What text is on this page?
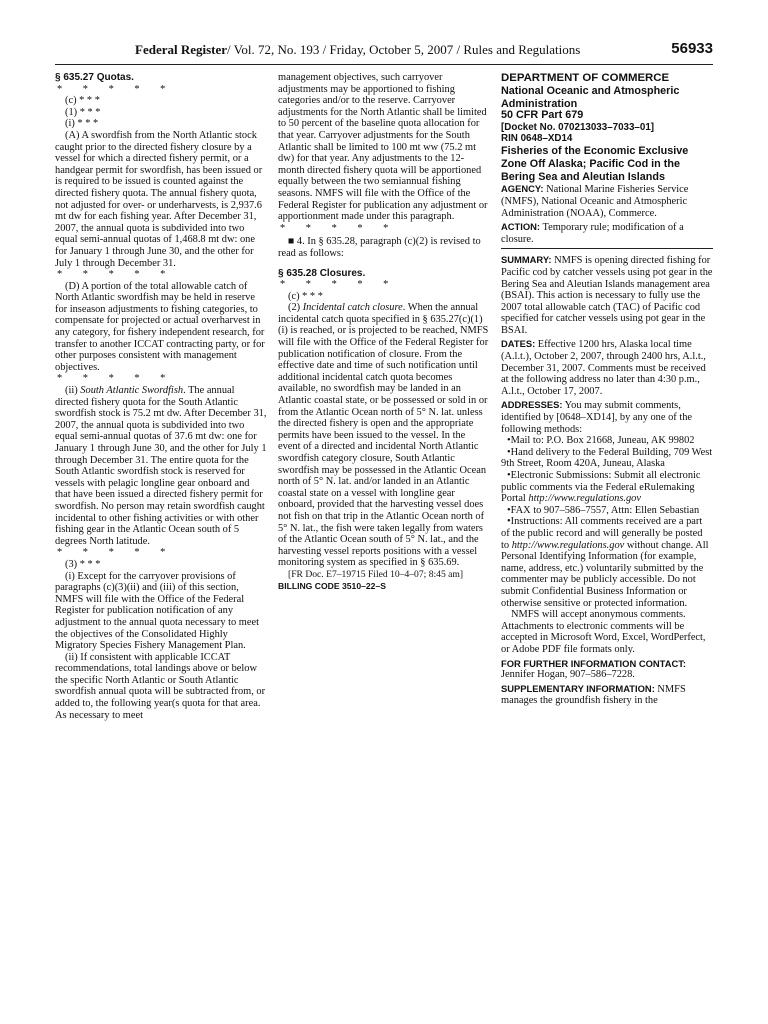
Federal Register/ Vol. 72, No. 193 / Friday, October 5, 2007 / Rules and Regulations	56933

§ 635.27 Quotas.

* * * * *

(c) * * *

(1) * * *

(i) * * *

(A) A swordfish from the North Atlantic stock caught prior to the directed fishery closure by a vessel for which a directed fishery permit, or a handgear permit for swordfish, has been issued or is required to be issued is counted against the directed fishery quota. The annual fishery quota, not adjusted for over- or underharvests, is 2,937.6 mt dw for each fishing year. After December 31, 2007, the annual quota is subdivided into two equal semi-annual quotas of 1,468.8 mt dw: one for January 1 through June 30, and the other for July 1 through December 31.

* * * * *

(D) A portion of the total allowable catch of North Atlantic swordfish may be held in reserve for inseason adjustments to fishing categories, to compensate for projected or actual overharvest in any category, for fishery independent research, for transfer to another ICCAT contracting party, or for other purposes consistent with management objectives.

* * * * *

(ii) South Atlantic Swordfish. The annual directed fishery quota for the South Atlantic swordfish stock is 75.2 mt dw. After December 31, 2007, the annual quota is subdivided into two equal semi-annual quotas of 37.6 mt dw: one for January 1 through June 30, and the other for July 1 through December 31. The entire quota for the South Atlantic swordfish stock is reserved for vessels with pelagic longline gear onboard and that have been issued a directed fishery permit for swordfish. No person may retain swordfish caught incidental to other fishing activities or with other fishing gear in the Atlantic Ocean south of 5 degrees North latitude.

* * * * *

(3) * * *

(i) Except for the carryover provisions of paragraphs (c)(3)(ii) and (iii) of this section, NMFS will file with the Office of the Federal Register for publication notification of any adjustment to the annual quota necessary to meet the objectives of the Consolidated Highly Migratory Species Fishery Management Plan.

(ii) If consistent with applicable ICCAT recommendations, total landings above or below the specific North Atlantic or South Atlantic swordfish annual quota will be subtracted from, or added to, the following year(s quota for that area. As necessary to meet

management objectives, such carryover adjustments may be apportioned to fishing categories and/or to the reserve. Carryover adjustments for the North Atlantic shall be limited to 50 percent of the baseline quota allocation for that year. Carryover adjustments for the South Atlantic shall be limited to 100 mt ww (75.2 mt dw) for that year. Any adjustments to the 12-month directed fishery quota will be apportioned equally between the two semiannual fishing seasons. NMFS will file with the Office of the Federal Register for publication any adjustment or apportionment made under this paragraph.

* * * * *

■ 4. In § 635.28, paragraph (c)(2) is revised to read as follows:

§ 635.28 Closures.

* * * * *

(c) * * *

(2) Incidental catch closure. When the annual incidental catch quota specified in § 635.27(c)(1)(i) is reached, or is projected to be reached, NMFS will file with the Office of the Federal Register for publication notification of closure. From the effective date and time of such notification until additional incidental catch quota becomes available, no swordfish may be landed in an Atlantic coastal state, or be possessed or sold in or from the Atlantic Ocean north of 5° N. lat. unless the directed fishery is open and the appropriate permits have been issued to the vessel. In the event of a directed and incidental North Atlantic swordfish category closure, South Atlantic swordfish may be possessed in the Atlantic Ocean north of 5° N. lat. and/or landed in an Atlantic coastal state on a vessel with longline gear onboard, provided that the harvesting vessel does not fish on that trip in the Atlantic Ocean north of 5° N. lat., the fish were taken legally from waters of the Atlantic Ocean south of 5° N. lat., and the harvesting vessel reports positions with a vessel monitoring system as specified in § 635.69.

[FR Doc. E7–19715 Filed 10–4–07; 8:45 am]

BILLING CODE 3510–22–S

DEPARTMENT OF COMMERCE

National Oceanic and Atmospheric Administration

50 CFR Part 679

[Docket No. 070213033–7033–01]

RIN 0648–XD14

Fisheries of the Economic Exclusive Zone Off Alaska; Pacific Cod in the Bering Sea and Aleutian Islands

AGENCY: National Marine Fisheries Service (NMFS), National Oceanic and Atmospheric Administration (NOAA), Commerce.

ACTION: Temporary rule; modification of a closure.

SUMMARY: NMFS is opening directed fishing for Pacific cod by catcher vessels using pot gear in the Bering Sea and Aleutian Islands management area (BSAI). This action is necessary to fully use the 2007 total allowable catch (TAC) of Pacific cod specified for catcher vessels using pot gear in the BSAI.

DATES: Effective 1200 hrs, Alaska local time (A.l.t.), October 2, 2007, through 2400 hrs, A.l.t., December 31, 2007. Comments must be received at the following address no later than 4:30 p.m., A.l.t., October 17, 2007.

ADDRESSES: You may submit comments, identified by [0648–XD14], by any one of the following methods:

•Mail to: P.O. Box 21668, Juneau, AK 99802

•Hand delivery to the Federal Building, 709 West 9th Street, Room 420A, Juneau, Alaska

•Electronic Submissions: Submit all electronic public comments via the Federal eRulemaking Portal http://www.regulations.gov

•FAX to 907–586–7557, Attn: Ellen Sebastian

•Instructions: All comments received are a part of the public record and will generally be posted to http://www.regulations.gov without change. All Personal Identifying Information (for example, name, address, etc.) voluntarily submitted by the commenter may be publicly accessible. Do not submit Confidential Business Information or otherwise sensitive or protected information.

NMFS will accept anonymous comments. Attachments to electronic comments will be accepted in Microsoft Word, Excel, WordPerfect, or Adobe PDF file formats only.

FOR FURTHER INFORMATION CONTACT:

Jennifer Hogan, 907–586–7228.

SUPPLEMENTARY INFORMATION: NMFS manages the groundfish fishery in the
